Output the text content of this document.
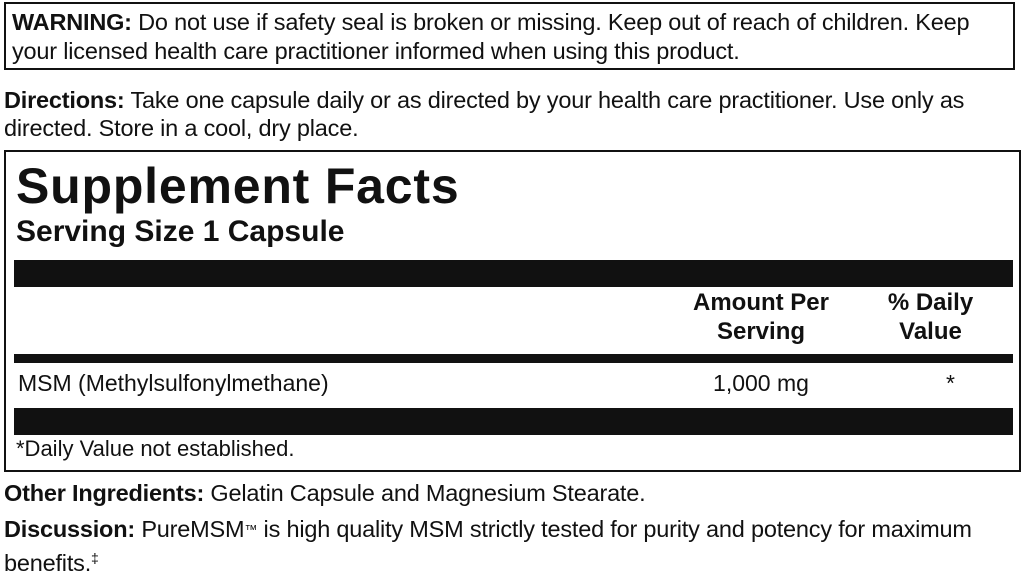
WARNING: Do not use if safety seal is broken or missing. Keep out of reach of children. Keep your licensed health care practitioner informed when using this product.
Directions: Take one capsule daily or as directed by your health care practitioner. Use only as directed. Store in a cool, dry place.
Supplement Facts
Serving Size 1 Capsule
Amount Per Serving
% Daily Value
MSM (Methylsulfonylmethane)	1,000 mg	*
*Daily Value not established.
Other Ingredients: Gelatin Capsule and Magnesium Stearate.
Discussion: PureMSM™ is high quality MSM strictly tested for purity and potency for maximum benefits.‡
